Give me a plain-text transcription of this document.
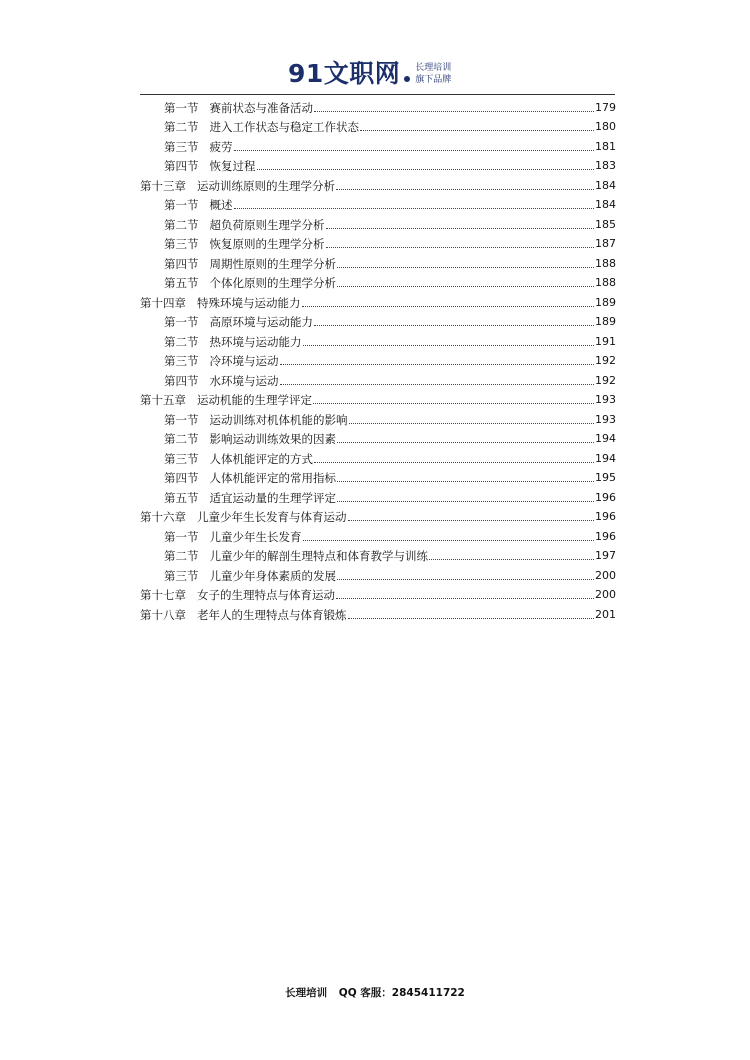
91文职网 长理培训
旗下品牌
第一节 赛前状态与准备活动	179
第二节 进入工作状态与稳定工作状态	180
第三节 疲劳	181
第四节 恢复过程	183
第十三章 运动训练原则的生理学分析	184
第一节 概述	184
第二节 超负荷原则生理学分析	185
第三节 恢复原则的生理学分析	187
第四节 周期性原则的生理学分析	188
第五节 个体化原则的生理学分析	188
第十四章 特殊环境与运动能力	189
第一节 高原环境与运动能力	189
第二节 热环境与运动能力	191
第三节 冷环境与运动	192
第四节 水环境与运动	192
第十五章 运动机能的生理学评定	193
第一节 运动训练对机体机能的影响	193
第二节 影响运动训练效果的因素	194
第三节 人体机能评定的方式	194
第四节 人体机能评定的常用指标	195
第五节 适宜运动量的生理学评定	196
第十六章 儿童少年生长发育与体育运动	196
第一节 儿童少年生长发育	196
第二节 儿童少年的解剖生理特点和体育教学与训练	197
第三节 儿童少年身体素质的发展	200
第十七章 女子的生理特点与体育运动	200
第十八章 老年人的生理特点与体育锻炼	201
长理培训 QQ 客服：2845411722
